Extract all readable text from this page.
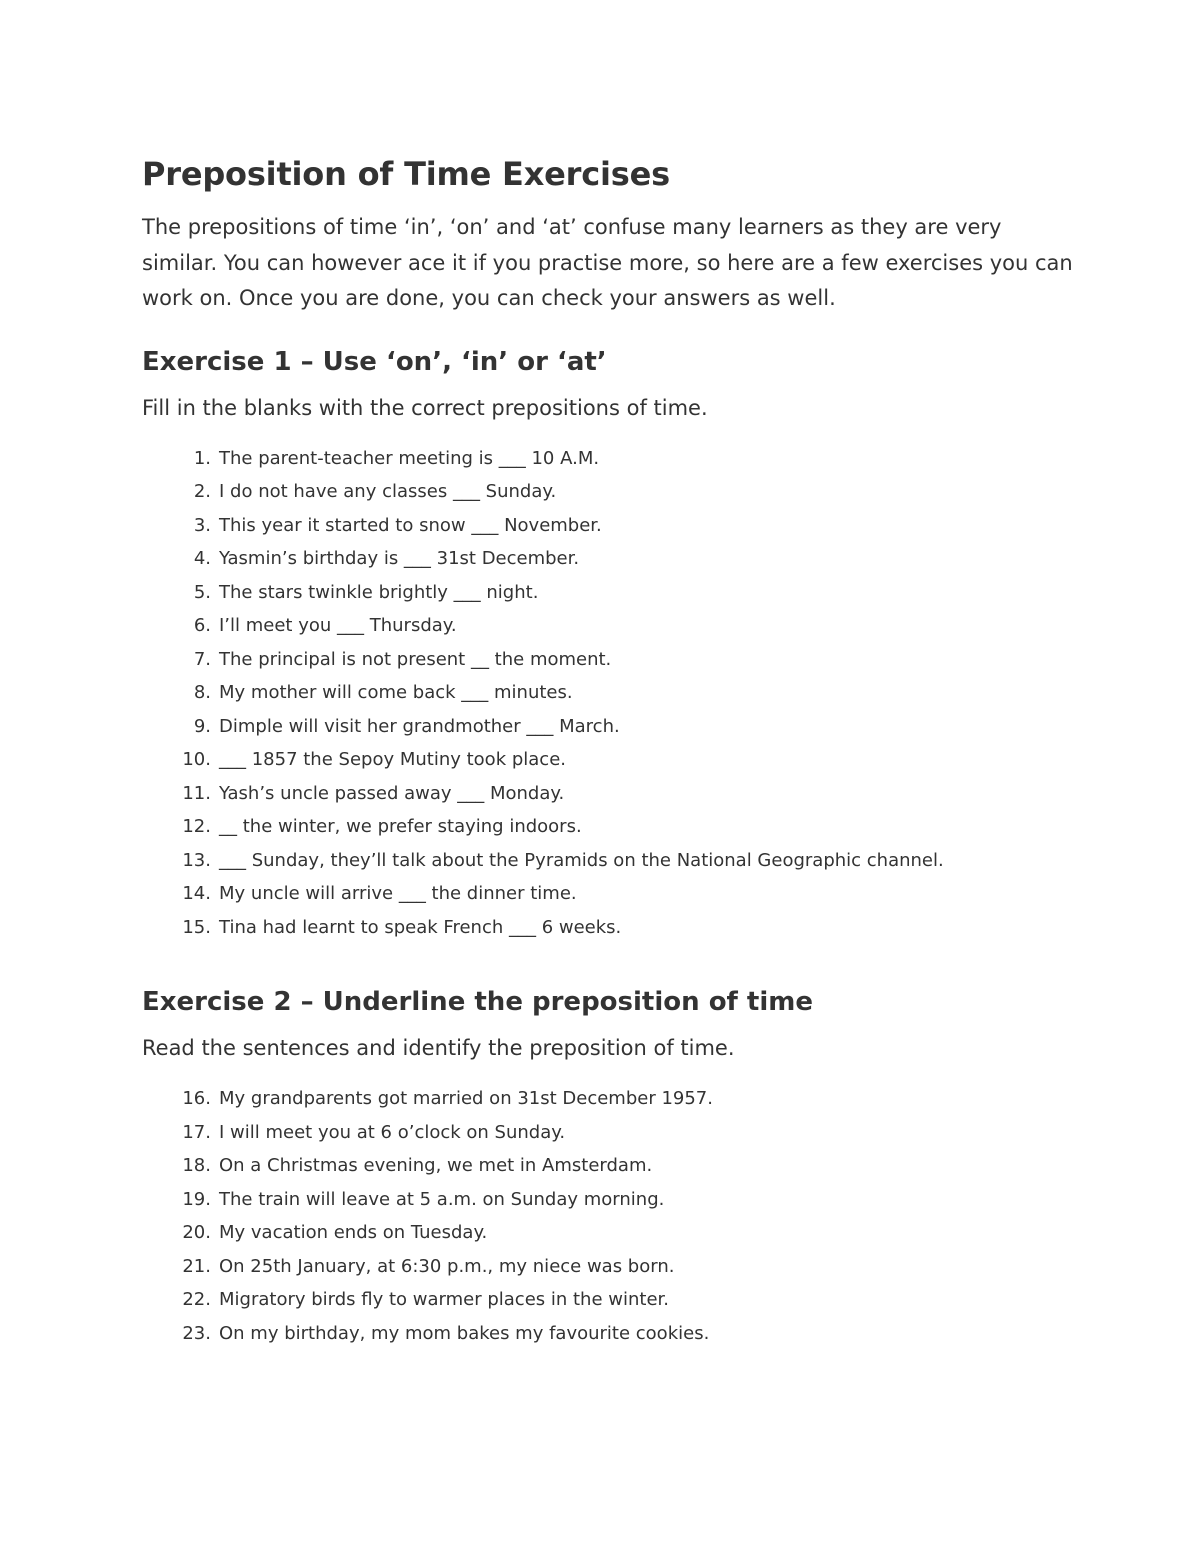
Preposition of Time Exercises

The prepositions of time ‘in’, ‘on’ and ‘at’ confuse many learners as they are very similar. You can however ace it if you practise more, so here are a few exercises you can work on. Once you are done, you can check your answers as well.

Exercise 1 – Use ‘on’, ‘in’ or ‘at’

Fill in the blanks with the correct prepositions of time.

1. The parent-teacher meeting is ___ 10 A.M.
2. I do not have any classes ___ Sunday.
3. This year it started to snow ___ November.
4. Yasmin’s birthday is ___ 31st December.
5. The stars twinkle brightly ___ night.
6. I’ll meet you ___ Thursday.
7. The principal is not present __ the moment.
8. My mother will come back ___ minutes.
9. Dimple will visit her grandmother ___ March.
10. ___ 1857 the Sepoy Mutiny took place.
11. Yash’s uncle passed away ___ Monday.
12. __ the winter, we prefer staying indoors.
13. ___ Sunday, they’ll talk about the Pyramids on the National Geographic channel.
14. My uncle will arrive ___ the dinner time.
15. Tina had learnt to speak French ___ 6 weeks.
Exercise 2 – Underline the preposition of time

Read the sentences and identify the preposition of time.

16. My grandparents got married on 31st December 1957.
17. I will meet you at 6 o’clock on Sunday.
18. On a Christmas evening, we met in Amsterdam.
19. The train will leave at 5 a.m. on Sunday morning.
20. My vacation ends on Tuesday.
21. On 25th January, at 6:30 p.m., my niece was born.
22. Migratory birds fly to warmer places in the winter.
23. On my birthday, my mom bakes my favourite cookies.
